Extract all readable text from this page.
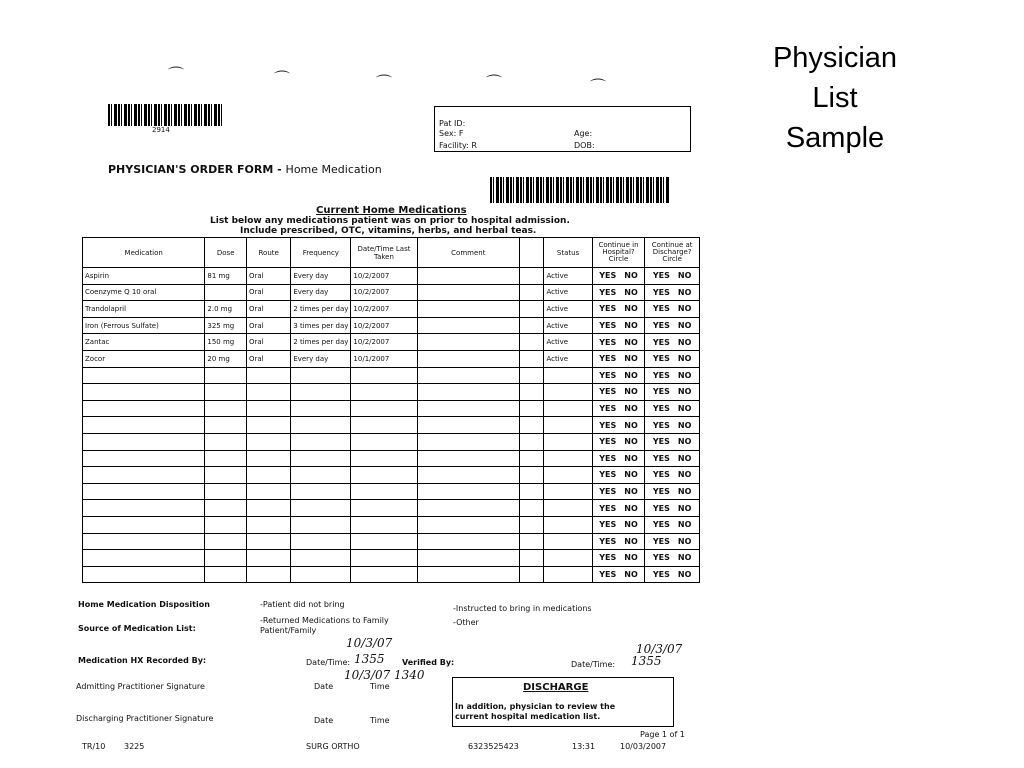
Physician
List
Sample
⌒	⌒	⌒	⌒	⌒
2914
Pat ID:
Sex: F
Facility: R
Age:
DOB:
PHYSICIAN'S ORDER FORM - Home Medication
Current Home Medications
List below any medications patient was on prior to hospital admission.
Include prescribed, OTC, vitamins, herbs, and herbal teas.
Medication	Dose	Route	Frequency	Date/Time Last Taken	Comment		Status	Continue in Hospital? Circle	Continue at Discharge? Circle
Aspirin	81 mg	Oral	Every day	10/2/2007			Active	YES NO	YES NO
Coenzyme Q 10 oral		Oral	Every day	10/2/2007			Active	YES NO	YES NO
Trandolapril	2.0 mg	Oral	2 times per day	10/2/2007			Active	YES NO	YES NO
Iron (Ferrous Sulfate)	325 mg	Oral	3 times per day	10/2/2007			Active	YES NO	YES NO
Zantac	150 mg	Oral	2 times per day	10/2/2007			Active	YES NO	YES NO
Zocor	20 mg	Oral	Every day	10/1/2007			Active	YES NO	YES NO
								YES NO	YES NO
								YES NO	YES NO
								YES NO	YES NO
								YES NO	YES NO
								YES NO	YES NO
								YES NO	YES NO
								YES NO	YES NO
								YES NO	YES NO
								YES NO	YES NO
								YES NO	YES NO
								YES NO	YES NO
								YES NO	YES NO
								YES NO	YES NO
Home Medication Disposition	-Patient did not bring
-Returned Medications to Family
-Instructed to bring in medications
-Other
Source of Medication List:	Patient/Family
10/3/07	10/3/07
Medication HX Recorded By:	Date/Time: 1355 Verified By:	Date/Time: 1355
10/3/07 1340
Admitting Practitioner Signature	Date	Time
Discharging Practitioner Signature	Date	Time
DISCHARGE
In addition, physician to review the
current hospital medication list.
Page 1 of 1
TR/10 3225	SURG ORTHO	6323525423	13:31	10/03/2007
